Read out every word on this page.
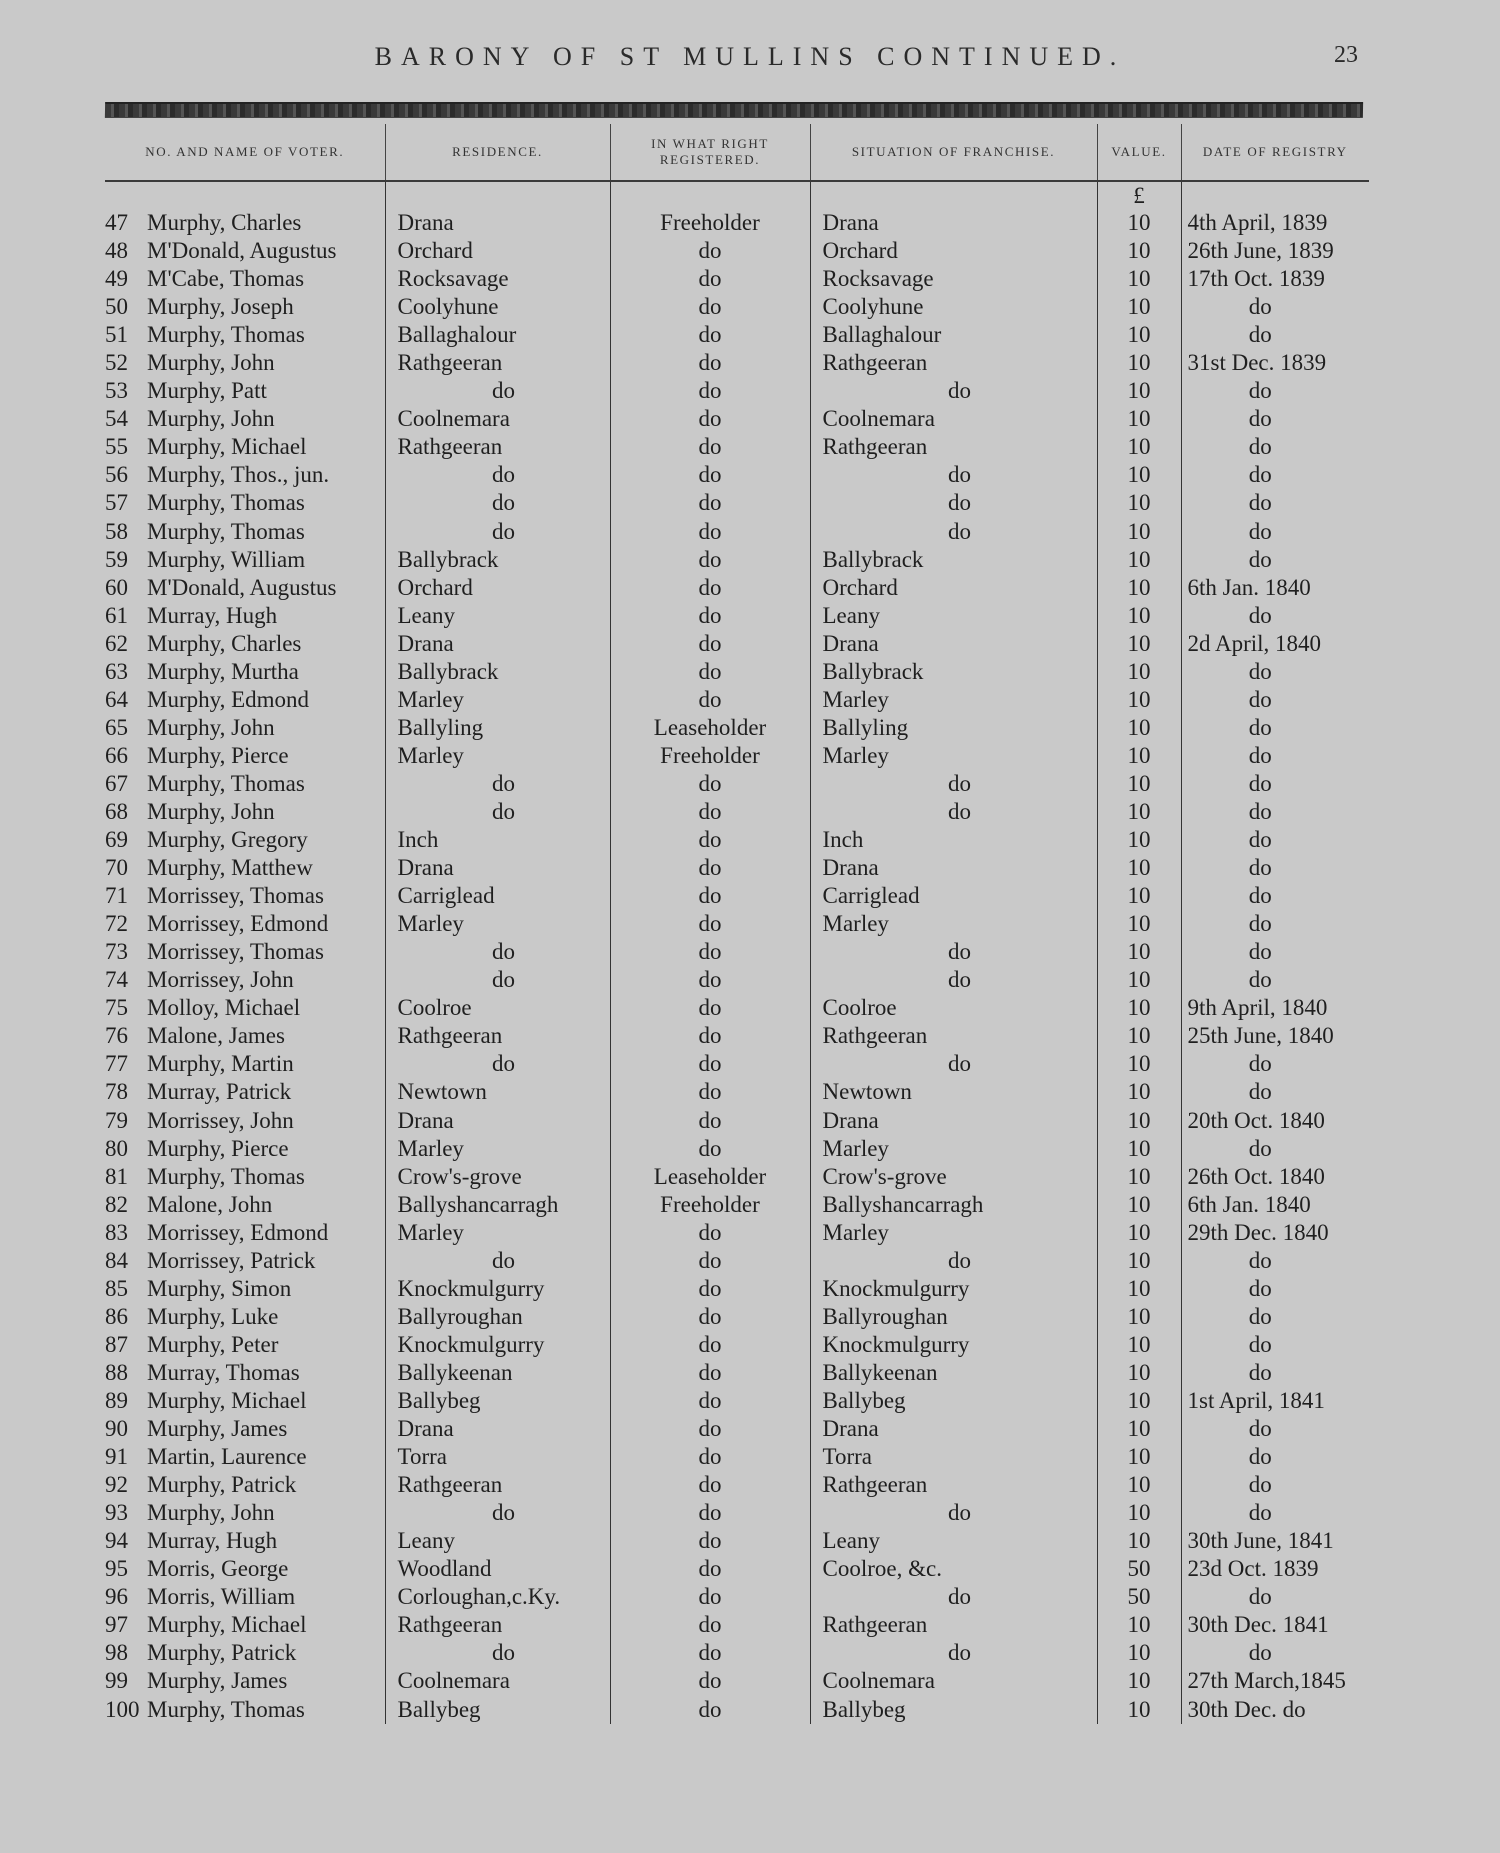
BARONY OF ST MULLINS CONTINUED.	23
NO. AND NAME OF VOTER.	RESIDENCE.	IN WHAT RIGHT REGISTERED.	SITUATION OF FRANCHISE.	VALUE.	DATE OF REGISTRY
				£	
47 Murphy, Charles	Drana	Freeholder	Drana	10	4th April, 1839
48 M'Donald, Augustus	Orchard	do	Orchard	10	26th June, 1839
49 M'Cabe, Thomas	Rocksavage	do	Rocksavage	10	17th Oct. 1839
50 Murphy, Joseph	Coolyhune	do	Coolyhune	10	do
51 Murphy, Thomas	Ballaghalour	do	Ballaghalour	10	do
52 Murphy, John	Rathgeeran	do	Rathgeeran	10	31st Dec. 1839
53 Murphy, Patt	do	do	do	10	do
54 Murphy, John	Coolnemara	do	Coolnemara	10	do
55 Murphy, Michael	Rathgeeran	do	Rathgeeran	10	do
56 Murphy, Thos., jun.	do	do	do	10	do
57 Murphy, Thomas	do	do	do	10	do
58 Murphy, Thomas	do	do	do	10	do
59 Murphy, William	Ballybrack	do	Ballybrack	10	do
60 M'Donald, Augustus	Orchard	do	Orchard	10	6th Jan. 1840
61 Murray, Hugh	Leany	do	Leany	10	do
62 Murphy, Charles	Drana	do	Drana	10	2d April, 1840
63 Murphy, Murtha	Ballybrack	do	Ballybrack	10	do
64 Murphy, Edmond	Marley	do	Marley	10	do
65 Murphy, John	Ballyling	Leaseholder	Ballyling	10	do
66 Murphy, Pierce	Marley	Freeholder	Marley	10	do
67 Murphy, Thomas	do	do	do	10	do
68 Murphy, John	do	do	do	10	do
69 Murphy, Gregory	Inch	do	Inch	10	do
70 Murphy, Matthew	Drana	do	Drana	10	do
71 Morrissey, Thomas	Carriglead	do	Carriglead	10	do
72 Morrissey, Edmond	Marley	do	Marley	10	do
73 Morrissey, Thomas	do	do	do	10	do
74 Morrissey, John	do	do	do	10	do
75 Molloy, Michael	Coolroe	do	Coolroe	10	9th April, 1840
76 Malone, James	Rathgeeran	do	Rathgeeran	10	25th June, 1840
77 Murphy, Martin	do	do	do	10	do
78 Murray, Patrick	Newtown	do	Newtown	10	do
79 Morrissey, John	Drana	do	Drana	10	20th Oct. 1840
80 Murphy, Pierce	Marley	do	Marley	10	do
81 Murphy, Thomas	Crow's-grove	Leaseholder	Crow's-grove	10	26th Oct. 1840
82 Malone, John	Ballyshancarragh	Freeholder	Ballyshancarragh	10	6th Jan. 1840
83 Morrissey, Edmond	Marley	do	Marley	10	29th Dec. 1840
84 Morrissey, Patrick	do	do	do	10	do
85 Murphy, Simon	Knockmulgurry	do	Knockmulgurry	10	do
86 Murphy, Luke	Ballyroughan	do	Ballyroughan	10	do
87 Murphy, Peter	Knockmulgurry	do	Knockmulgurry	10	do
88 Murray, Thomas	Ballykeenan	do	Ballykeenan	10	do
89 Murphy, Michael	Ballybeg	do	Ballybeg	10	1st April, 1841
90 Murphy, James	Drana	do	Drana	10	do
91 Martin, Laurence	Torra	do	Torra	10	do
92 Murphy, Patrick	Rathgeeran	do	Rathgeeran	10	do
93 Murphy, John	do	do	do	10	do
94 Murray, Hugh	Leany	do	Leany	10	30th June, 1841
95 Morris, George	Woodland	do	Coolroe, &c.	50	23d Oct. 1839
96 Morris, William	Corloughan,c.Ky.	do	do	50	do
97 Murphy, Michael	Rathgeeran	do	Rathgeeran	10	30th Dec. 1841
98 Murphy, Patrick	do	do	do	10	do
99 Murphy, James	Coolnemara	do	Coolnemara	10	27th March,1845
100 Murphy, Thomas	Ballybeg	do	Ballybeg	10	30th Dec. do
